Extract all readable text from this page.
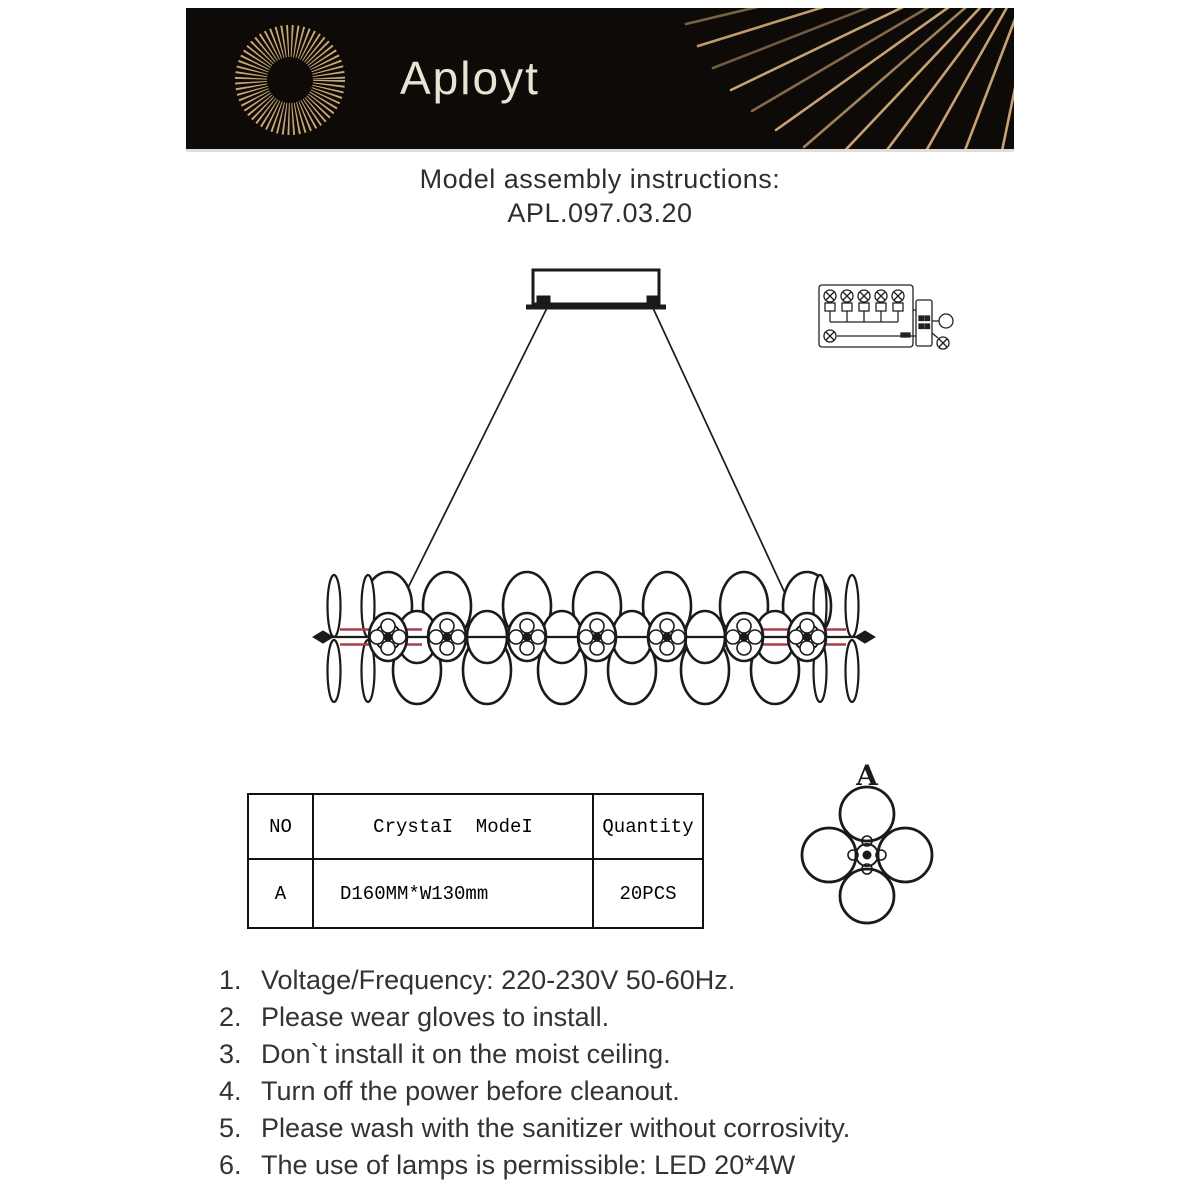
Aployt
Model assembly instructions:
APL.097.03.20
A
NO	CrystaI  ModeI	Quantity
A	D160MM*W130mm	20PCS
1. Voltage/Frequency: 220-230V 50-60Hz.
2. Please wear gloves to install.
3. Don`t install it on the moist ceiling.
4. Turn off the power before cleanout.
5. Please wash with the sanitizer without corrosivity.
6. The use of lamps is permissible: LED 20*4W
